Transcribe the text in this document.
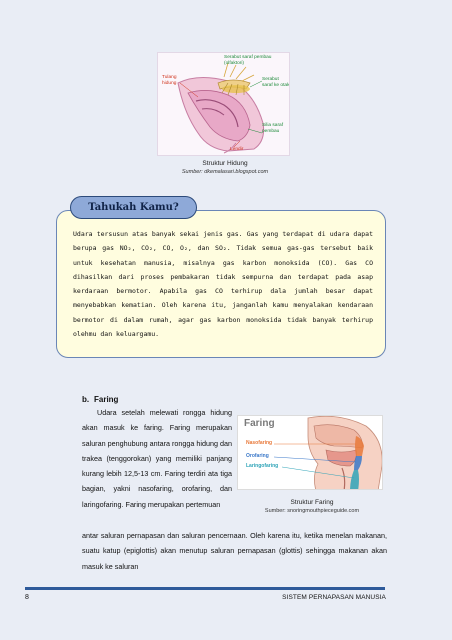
Tulang hidung
Serabut saraf pembau (olfaktori)
Serabut saraf ke otak
Silia saraf pembau
Lendir
Struktur Hidung
Sumber: dkemalasari.blogspot.com
Tahukah Kamu?
Udara tersusun atas banyak sekai jenis gas. Gas yang terdapat di udara dapat berupa gas NO₂, CO₂, CO, O₂, dan SO₂. Tidak semua gas-gas tersebut baik untuk kesehatan manusia, misalnya gas karbon monoksida (CO). Gas CO dihasilkan dari proses pembakaran tidak sempurna dan terdapat pada asap kerdaraan bermotor. Apabila gas CO terhirup dala jumlah besar dapat menyebabkan kematian. Oleh karena itu, janganlah kamu menyalakan kendaraan bermotor di dalam rumah, agar gas karbon monoksida tidak banyak terhirup olehmu dan keluargamu.
b. Faring
Udara setelah melewati rongga hidung akan masuk ke faring. Faring merupakan saluran penghubung antara rongga hidung dan trakea (tenggorokan) yang memiliki panjang kurang lebih 12,5-13 cm. Faring terdiri ata tiga bagian, yakni nasofaring, orofaring, dan laringofaring. Faring merupakan pertemuan
Faring
Nasofaring
Orofaring
Laringofaring
Struktur Faring
Sumber: snoringmouthpieceguide.com
antar saluran pernapasan dan saluran pencernaan. Oleh karena itu, ketika menelan makanan, suatu katup (epiglottis) akan menutup saluran pernapasan (glottis) sehingga makanan akan masuk ke saluran
8	SISTEM PERNAPASAN MANUSIA
